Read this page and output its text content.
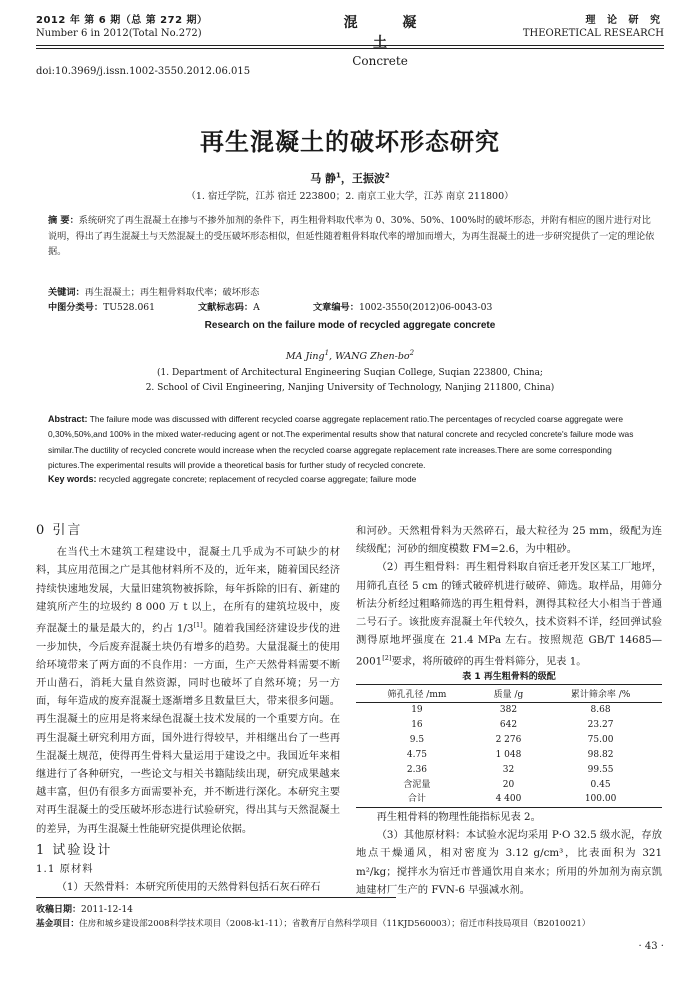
2012 年 第 6 期（总 第 272 期）
Number 6 in 2012(Total No.272)
混 凝 土
Concrete
理 论 研 究
THEORETICAL RESEARCH
doi:10.3969/j.issn.1002-3550.2012.06.015
再生混凝土的破坏形态研究
马 静$^1$，王振波$^2$
（1. 宿迁学院，江苏 宿迁 223800；2. 南京工业大学，江苏 南京 211800）
摘 要：系统研究了再生混凝土在掺与不掺外加剂的条件下，再生粗骨料取代率为 0、30%、50%、100%时的破坏形态，并附有相应的图片进行对比说明，得出了再生混凝土与天然混凝土的受压破坏形态相似，但延性随着粗骨料取代率的增加而增大，为再生混凝土的进一步研究提供了一定的理论依据。
关键词：再生混凝土；再生粗骨料取代率；破坏形态
中图分类号：TU528.061	文献标志码：A	文章编号：1002-3550(2012)06-0043-03
Research on the failure mode of recycled aggregate concrete
MA Jing$^1$, WANG Zhen-$bo^2$
(1. Department of Architectural Engineering Suqian College, Suqian 223800, China;
2. School of Civil Engineering, Nanjing University of Technology, Nanjing 211800, China)
Abstract: The failure mode was discussed with different recycled coarse aggregate replacement ratio.The percentages of recycled coarse aggregate were 0,30%,50%,and 100% in the mixed water-reducing agent or not.The experimental results show that natural concrete and recycled concrete's failure mode was similar.The ductility of recycled concrete would increase when the recycled coarse aggregate replacement rate increases.There are some corresponding pictures.The experimental results will provide a theoretical basis for further study of recycled concrete.
Key words: recycled aggregate concrete; replacement of recycled coarse aggregate; failure mode

0 引言

在当代土木建筑工程建设中，混凝土几乎成为不可缺少的材料，其应用范围之广是其他材料所不及的，近年来，随着国民经济持续快速地发展，大量旧建筑物被拆除，每年拆除的旧有、新建的建筑所产生的垃圾约 8 000 万 t 以上，在所有的建筑垃圾中，废弃混凝土的量是最大的，约占 1/3[1]。随着我国经济建设步伐的进一步加快，今后废弃混凝土块仍有增多的趋势。大量混凝土的使用给环境带来了两方面的不良作用：一方面，生产天然骨料需要不断开山凿石，消耗大量自然资源，同时也破坏了自然环境；另一方面，每年造成的废弃混凝土逐渐增多且数量巨大，带来很多问题。再生混凝土的应用是将来绿色混凝土技术发展的一个重要方向。在再生混凝土研究利用方面，国外进行得较早，并相继出台了一些再生混凝土规范，使得再生骨料大量运用于建设之中。我国近年来相继进行了各种研究，一些论文与相关书籍陆续出现，研究成果越来越丰富，但仍有很多方面需要补充，并不断进行深化。本研究主要对再生混凝土的受压破坏形态进行试验研究，得出其与天然混凝土的差异，为再生混凝土性能研究提供理论依据。

1 试验设计

1.1 原材料

（1）天然骨料：本研究所使用的天然骨料包括石灰石碎石

和河砂。天然粗骨料为天然碎石，最大粒径为 25 mm，级配为连续级配；河砂的细度模数 FM=2.6，为中粗砂。

（2）再生粗骨料：再生粗骨料取自宿迁老开发区某工厂地坪，用筛孔直径 5 cm 的锤式破碎机进行破碎、筛选。取样品，用筛分析法分析经过粗略筛选的再生粗骨料，测得其粒径大小相当于普通二号石子。该批废弃混凝土年代较久，技术资料不详，经回弹试验测得原地坪强度在 21.4 MPa 左右。按照规范 GB/T 14685—2001[2]要求，将所破碎的再生骨料筛分，见表 1。

表 1 再生粗骨料的级配
筛孔孔径 /mm	质量 /g	累计筛余率 /%
19	382	8.68
16	642	23.27
9.5	2 276	75.00
4.75	1 048	98.82
2.36	32	99.55
含泥量	20	0.45
合计	4 400	100.00

再生粗骨料的物理性能指标见表 2。

（3）其他原材料：本试验水泥均采用 P·O 32.5 级水泥，存放地点干燥通风，相对密度为 3.12 g/cm³，比表面积为 321 m²/kg；搅拌水为宿迁市普通饮用自来水；所用的外加剂为南京凯迪建材厂生产的 FVN-6 早强减水剂。

收稿日期：2011-12-14
基金项目：住房和城乡建设部2008科学技术项目（2008-k1-11）；省教育厅自然科学项目（11KJD560003）；宿迁市科技局项目（B2010021）
· 43 ·
